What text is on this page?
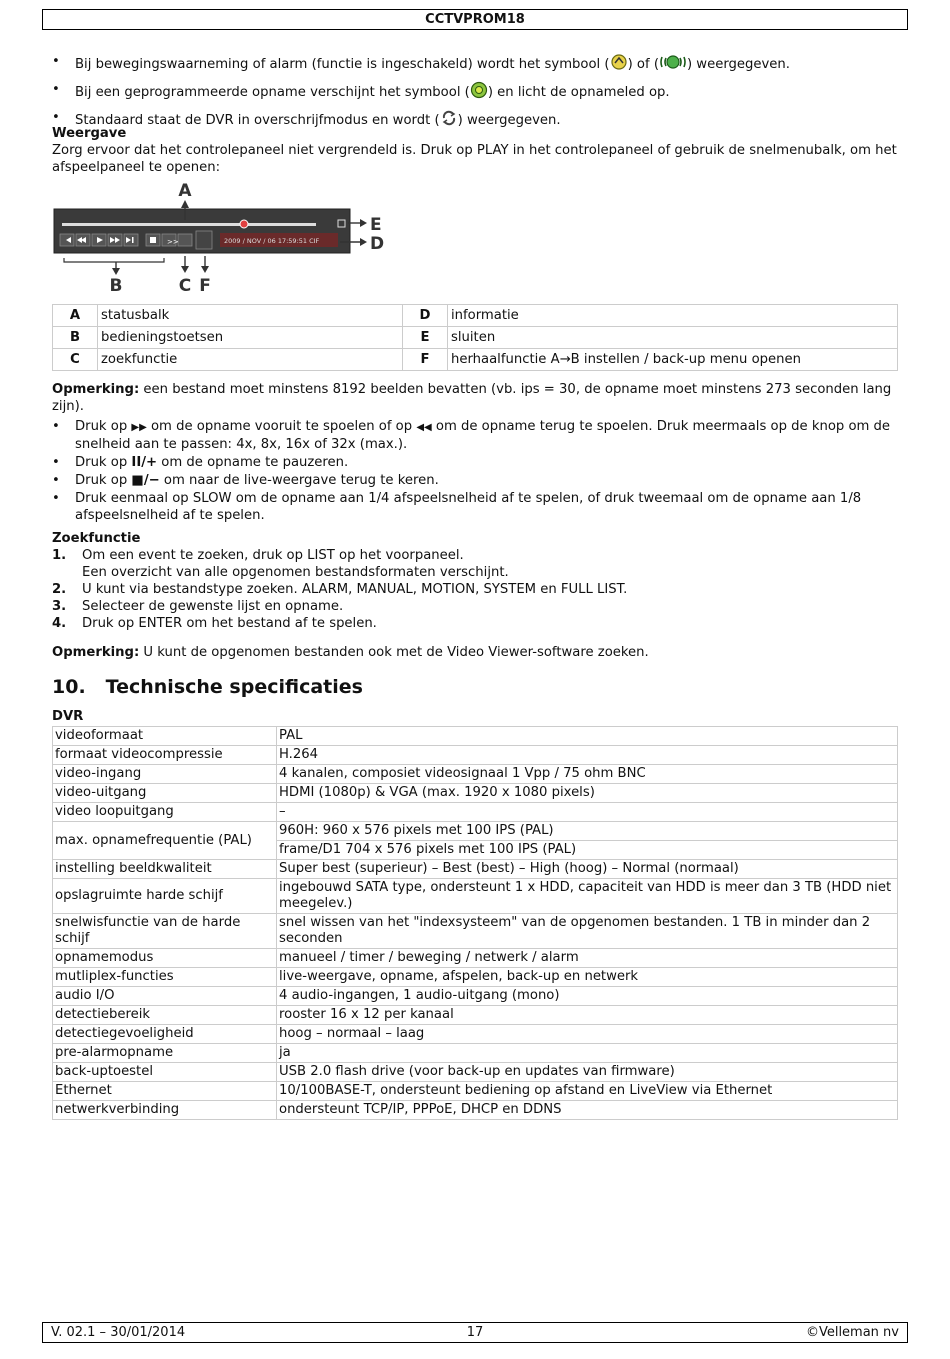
CCTVPROM18
• Bij bewegingswaarneming of alarm (functie is ingeschakeld) wordt het symbool ( ) of ( ) weergegeven.
• Bij een geprogrammeerde opname verschijnt het symbool ( ) en licht de opnameled op.
• Standaard staat de DVR in overschrijfmodus en wordt ( ) weergegeven.
Weergave

Zorg ervoor dat het controlepaneel niet vergrendeld is. Druk op PLAY in het controlepaneel of gebruik de snelmenubalk, om het afspeelpaneel te openen:

>>	2009 / NOV / 06 17:59:51 CIF
A
E
D
B	C F
A	statusbalk	D	informatie
B	bedieningstoetsen	E	sluiten
C	zoekfunctie	F	herhaalfunctie A→B instellen / back-up menu openen
Opmerking: een bestand moet minstens 8192 beelden bevatten (vb. ips = 30, de opname moet minstens 273 seconden lang zijn).
• Druk op ▶▶ om de opname vooruit te spoelen of op ◀◀ om de opname terug te spoelen. Druk meermaals op de knop om de snelheid aan te passen: 4x, 8x, 16x of 32x (max.).
• Druk op II/+ om de opname te pauzeren.
• Druk op ■/− om naar de live-weergave terug te keren.
• Druk eenmaal op SLOW om de opname aan 1/4 afspeelsnelheid af te spelen, of druk tweemaal om de opname aan 1/8 afspeelsnelheid af te spelen.
Zoekfunctie
1. Om een event te zoeken, druk op LIST op het voorpaneel.
Een overzicht van alle opgenomen bestandsformaten verschijnt.
2. U kunt via bestandstype zoeken. ALARM, MANUAL, MOTION, SYSTEM en FULL LIST.
3. Selecteer de gewenste lijst en opname.
4. Druk op ENTER om het bestand af te spelen.
Opmerking: U kunt de opgenomen bestanden ook met de Video Viewer-software zoeken.
10. Technische specificaties
DVR
videoformaat	PAL
formaat videocompressie	H.264
video-ingang	4 kanalen, composiet videosignaal 1 Vpp / 75 ohm BNC
video-uitgang	HDMI (1080p) & VGA (max. 1920 x 1080 pixels)
video loopuitgang	–
max. opnamefrequentie (PAL)	960H: 960 x 576 pixels met 100 IPS (PAL)
	frame/D1 704 x 576 pixels met 100 IPS (PAL)
instelling beeldkwaliteit	Super best (superieur) – Best (best) – High (hoog) – Normal (normaal)
opslagruimte harde schijf	ingebouwd SATA type, ondersteunt 1 x HDD, capaciteit van HDD is meer dan 3 TB (HDD niet meegelev.)
snelwisfunctie van de harde schijf	snel wissen van het "indexsysteem" van de opgenomen bestanden. 1 TB in minder dan 2 seconden
opnamemodus	manueel / timer / beweging / netwerk / alarm
mutliplex-functies	live-weergave, opname, afspelen, back-up en netwerk
audio I/O	4 audio-ingangen, 1 audio-uitgang (mono)
detectiebereik	rooster 16 x 12 per kanaal
detectiegevoeligheid	hoog – normaal – laag
pre-alarmopname	ja
back-uptoestel	USB 2.0 flash drive (voor back-up en updates van firmware)
Ethernet	10/100BASE-T, ondersteunt bediening op afstand en LiveView via Ethernet
netwerkverbinding	ondersteunt TCP/IP, PPPoE, DHCP en DDNS
V. 02.1 – 30/01/2014	17	©Velleman nv
